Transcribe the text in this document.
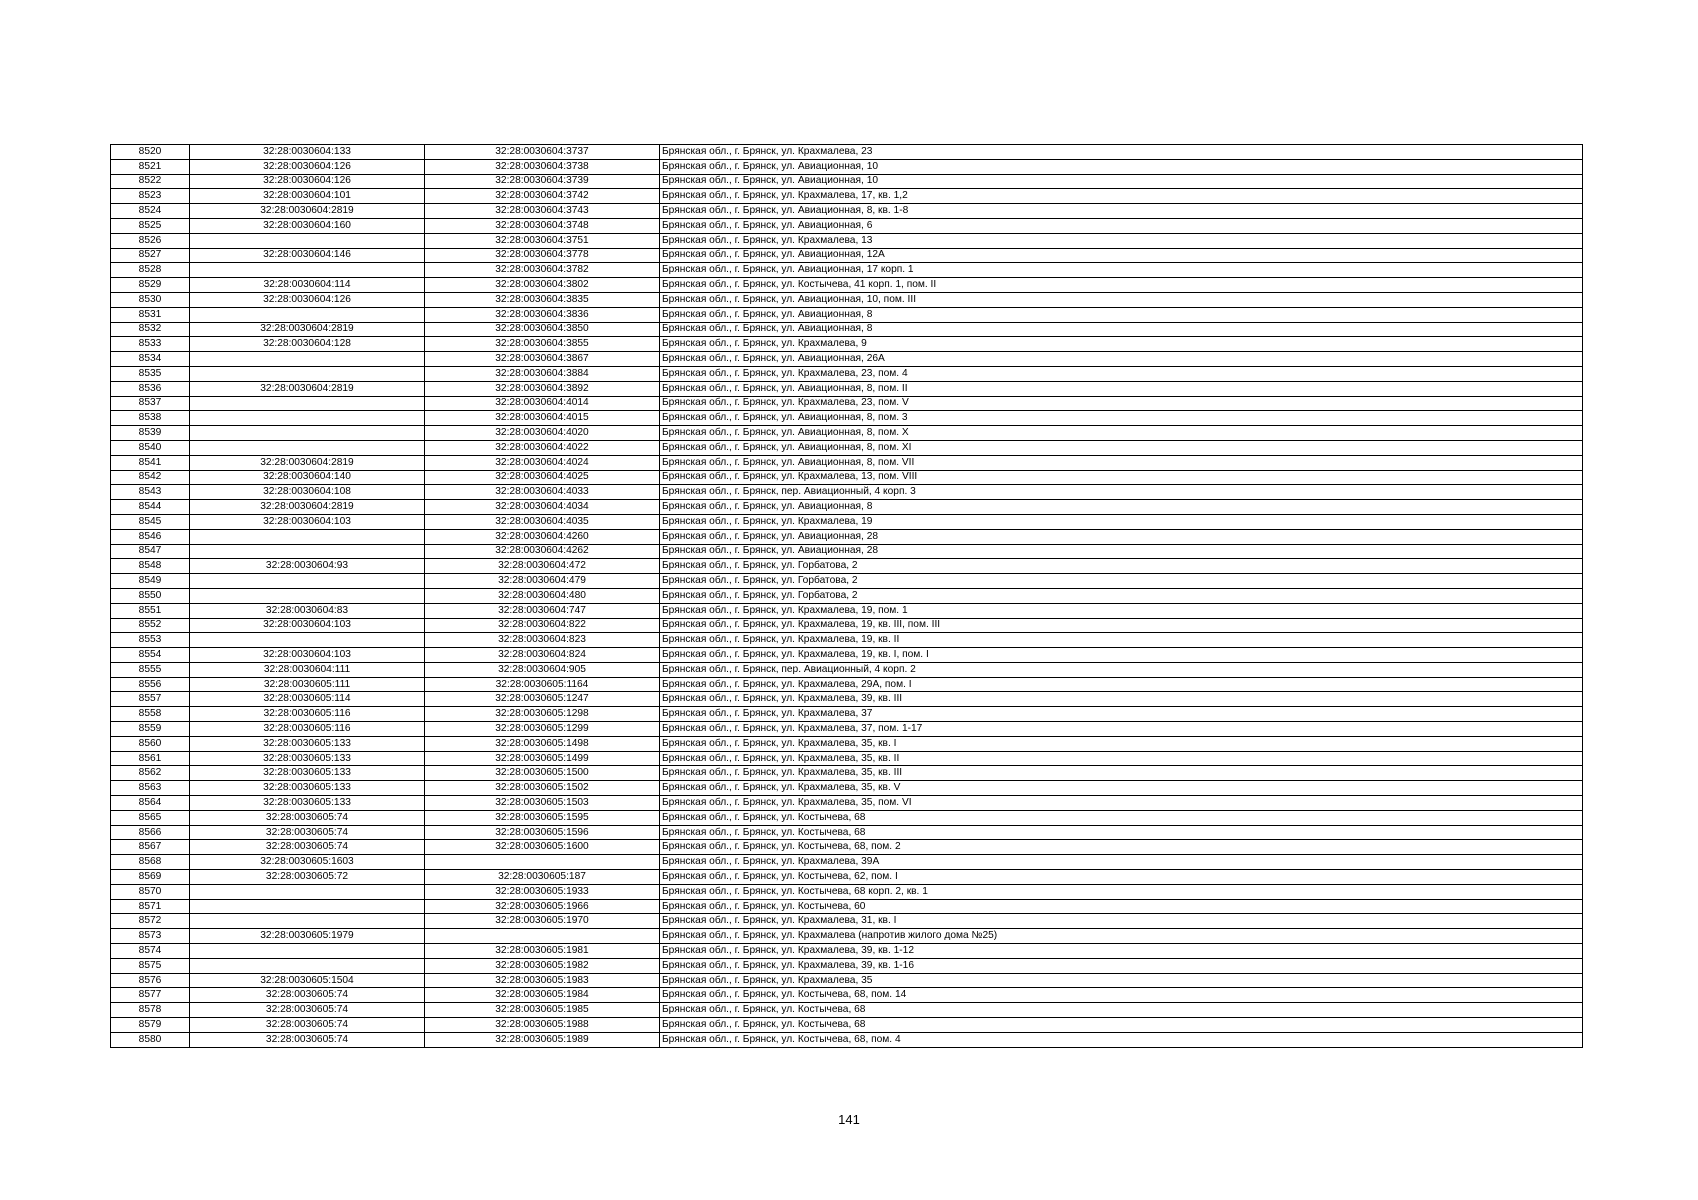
8520	32:28:0030604:133	32:28:0030604:3737	Брянская обл., г. Брянск, ул. Крахмалева, 23
8521	32:28:0030604:126	32:28:0030604:3738	Брянская обл., г. Брянск, ул. Авиационная, 10
8522	32:28:0030604:126	32:28:0030604:3739	Брянская обл., г. Брянск, ул. Авиационная, 10
8523	32:28:0030604:101	32:28:0030604:3742	Брянская обл., г. Брянск, ул. Крахмалева, 17, кв. 1,2
8524	32:28:0030604:2819	32:28:0030604:3743	Брянская обл., г. Брянск, ул. Авиационная, 8, кв. 1-8
8525	32:28:0030604:160	32:28:0030604:3748	Брянская обл., г. Брянск, ул. Авиационная, 6
8526		32:28:0030604:3751	Брянская обл., г. Брянск, ул. Крахмалева, 13
8527	32:28:0030604:146	32:28:0030604:3778	Брянская обл., г. Брянск, ул. Авиационная, 12А
8528		32:28:0030604:3782	Брянская обл., г. Брянск, ул. Авиационная, 17 корп. 1
8529	32:28:0030604:114	32:28:0030604:3802	Брянская обл., г. Брянск, ул. Костычева, 41 корп. 1, пом. II
8530	32:28:0030604:126	32:28:0030604:3835	Брянская обл., г. Брянск, ул. Авиационная, 10, пом. III
8531		32:28:0030604:3836	Брянская обл., г. Брянск, ул. Авиационная, 8
8532	32:28:0030604:2819	32:28:0030604:3850	Брянская обл., г. Брянск, ул. Авиационная, 8
8533	32:28:0030604:128	32:28:0030604:3855	Брянская обл., г. Брянск, ул. Крахмалева, 9
8534		32:28:0030604:3867	Брянская обл., г. Брянск, ул. Авиационная, 26А
8535		32:28:0030604:3884	Брянская обл., г. Брянск, ул. Крахмалева, 23, пом. 4
8536	32:28:0030604:2819	32:28:0030604:3892	Брянская обл., г. Брянск, ул. Авиационная, 8, пом. II
8537		32:28:0030604:4014	Брянская обл., г. Брянск, ул. Крахмалева, 23, пом. V
8538		32:28:0030604:4015	Брянская обл., г. Брянск, ул. Авиационная, 8, пом. 3
8539		32:28:0030604:4020	Брянская обл., г. Брянск, ул. Авиационная, 8, пом. X
8540		32:28:0030604:4022	Брянская обл., г. Брянск, ул. Авиационная, 8, пом. XI
8541	32:28:0030604:2819	32:28:0030604:4024	Брянская обл., г. Брянск, ул. Авиационная, 8, пом. VII
8542	32:28:0030604:140	32:28:0030604:4025	Брянская обл., г. Брянск, ул. Крахмалева, 13, пом. VIII
8543	32:28:0030604:108	32:28:0030604:4033	Брянская обл., г. Брянск, пер. Авиационный, 4 корп. 3
8544	32:28:0030604:2819	32:28:0030604:4034	Брянская обл., г. Брянск, ул. Авиационная, 8
8545	32:28:0030604:103	32:28:0030604:4035	Брянская обл., г. Брянск, ул. Крахмалева, 19
8546		32:28:0030604:4260	Брянская обл., г. Брянск, ул. Авиационная, 28
8547		32:28:0030604:4262	Брянская обл., г. Брянск, ул. Авиационная, 28
8548	32:28:0030604:93	32:28:0030604:472	Брянская обл., г. Брянск, ул. Горбатова, 2
8549		32:28:0030604:479	Брянская обл., г. Брянск, ул. Горбатова, 2
8550		32:28:0030604:480	Брянская обл., г. Брянск, ул. Горбатова, 2
8551	32:28:0030604:83	32:28:0030604:747	Брянская обл., г. Брянск, ул. Крахмалева, 19, пом. 1
8552	32:28:0030604:103	32:28:0030604:822	Брянская обл., г. Брянск, ул. Крахмалева, 19, кв. III, пом. III
8553		32:28:0030604:823	Брянская обл., г. Брянск, ул. Крахмалева, 19, кв. II
8554	32:28:0030604:103	32:28:0030604:824	Брянская обл., г. Брянск, ул. Крахмалева, 19, кв. I, пом. I
8555	32:28:0030604:111	32:28:0030604:905	Брянская обл., г. Брянск, пер. Авиационный, 4 корп. 2
8556	32:28:0030605:111	32:28:0030605:1164	Брянская обл., г. Брянск, ул. Крахмалева, 29А, пом. I
8557	32:28:0030605:114	32:28:0030605:1247	Брянская обл., г. Брянск, ул. Крахмалева, 39, кв. III
8558	32:28:0030605:116	32:28:0030605:1298	Брянская обл., г. Брянск, ул. Крахмалева, 37
8559	32:28:0030605:116	32:28:0030605:1299	Брянская обл., г. Брянск, ул. Крахмалева, 37, пом. 1-17
8560	32:28:0030605:133	32:28:0030605:1498	Брянская обл., г. Брянск, ул. Крахмалева, 35, кв. I
8561	32:28:0030605:133	32:28:0030605:1499	Брянская обл., г. Брянск, ул. Крахмалева, 35, кв. II
8562	32:28:0030605:133	32:28:0030605:1500	Брянская обл., г. Брянск, ул. Крахмалева, 35, кв. III
8563	32:28:0030605:133	32:28:0030605:1502	Брянская обл., г. Брянск, ул. Крахмалева, 35, кв. V
8564	32:28:0030605:133	32:28:0030605:1503	Брянская обл., г. Брянск, ул. Крахмалева, 35, пом. VI
8565	32:28:0030605:74	32:28:0030605:1595	Брянская обл., г. Брянск, ул. Костычева, 68
8566	32:28:0030605:74	32:28:0030605:1596	Брянская обл., г. Брянск, ул. Костычева, 68
8567	32:28:0030605:74	32:28:0030605:1600	Брянская обл., г. Брянск, ул. Костычева, 68, пом. 2
8568	32:28:0030605:1603		Брянская обл., г. Брянск, ул. Крахмалева, 39А
8569	32:28:0030605:72	32:28:0030605:187	Брянская обл., г. Брянск, ул. Костычева, 62, пом. I
8570		32:28:0030605:1933	Брянская обл., г. Брянск, ул. Костычева, 68 корп. 2, кв. 1
8571		32:28:0030605:1966	Брянская обл., г. Брянск, ул. Костычева, 60
8572		32:28:0030605:1970	Брянская обл., г. Брянск, ул. Крахмалева, 31, кв. I
8573	32:28:0030605:1979		Брянская обл., г. Брянск, ул. Крахмалева (напротив жилого дома №25)
8574		32:28:0030605:1981	Брянская обл., г. Брянск, ул. Крахмалева, 39, кв. 1-12
8575		32:28:0030605:1982	Брянская обл., г. Брянск, ул. Крахмалева, 39, кв. 1-16
8576	32:28:0030605:1504	32:28:0030605:1983	Брянская обл., г. Брянск, ул. Крахмалева, 35
8577	32:28:0030605:74	32:28:0030605:1984	Брянская обл., г. Брянск, ул. Костычева, 68, пом. 14
8578	32:28:0030605:74	32:28:0030605:1985	Брянская обл., г. Брянск, ул. Костычева, 68
8579	32:28:0030605:74	32:28:0030605:1988	Брянская обл., г. Брянск, ул. Костычева, 68
8580	32:28:0030605:74	32:28:0030605:1989	Брянская обл., г. Брянск, ул. Костычева, 68, пом. 4
141
